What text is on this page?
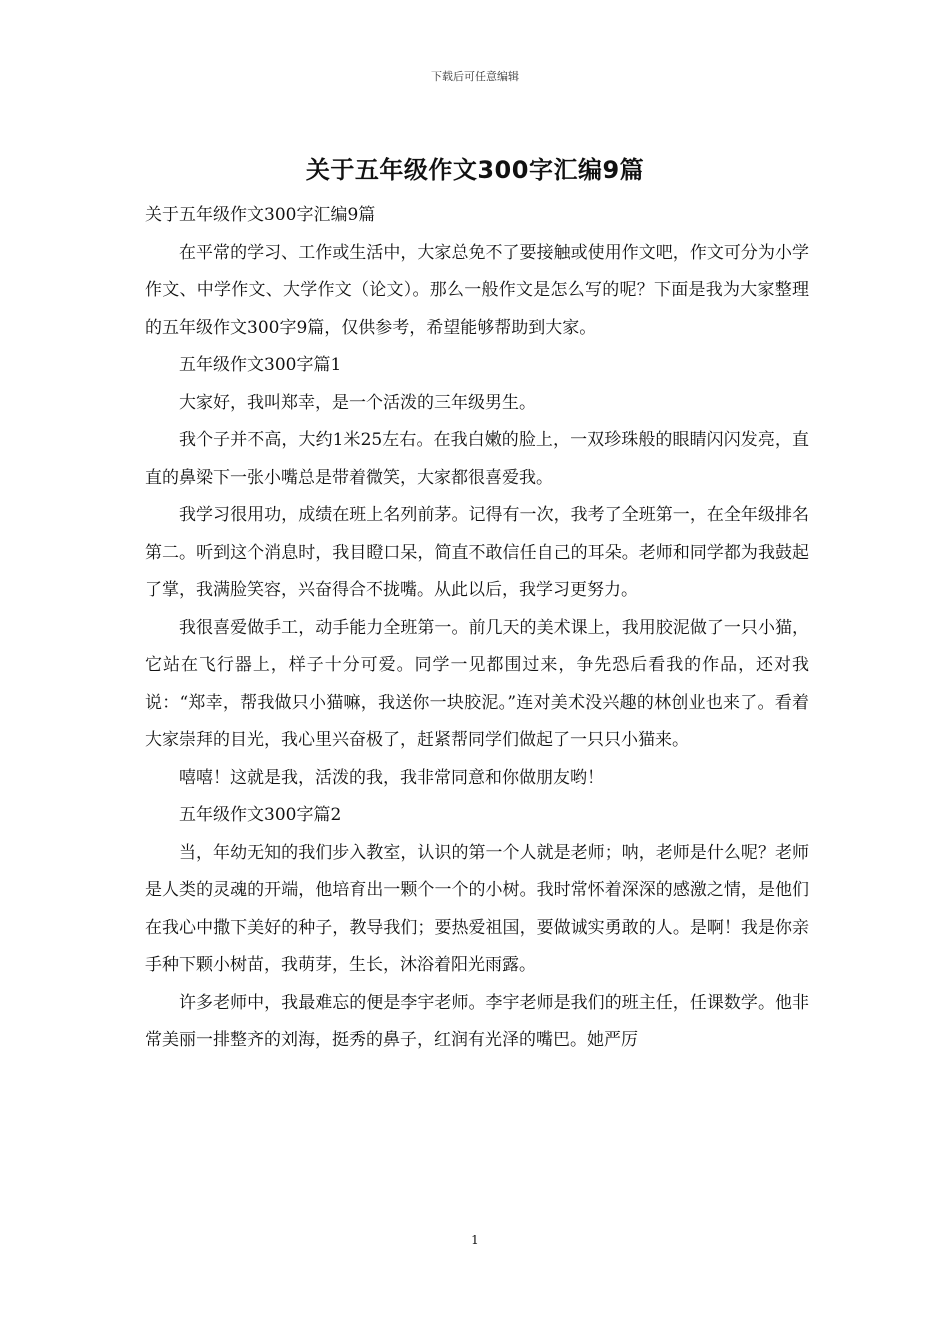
下载后可任意编辑
关于五年级作文300字汇编9篇

关于五年级作文300字汇编9篇

在平常的学习、工作或生活中，大家总免不了要接触或使用作文吧，作文可分为小学作文、中学作文、大学作文（论文）。那么一般作文是怎么写的呢？下面是我为大家整理的五年级作文300字9篇，仅供参考，希望能够帮助到大家。

五年级作文300字篇1

大家好，我叫郑幸，是一个活泼的三年级男生。

我个子并不高，大约1米25左右。在我白嫩的脸上，一双珍珠般的眼睛闪闪发亮，直直的鼻梁下一张小嘴总是带着微笑，大家都很喜爱我。

我学习很用功，成绩在班上名列前茅。记得有一次，我考了全班第一，在全年级排名第二。听到这个消息时，我目瞪口呆，简直不敢信任自己的耳朵。老师和同学都为我鼓起了掌，我满脸笑容，兴奋得合不拢嘴。从此以后，我学习更努力。

我很喜爱做手工，动手能力全班第一。前几天的美术课上，我用胶泥做了一只小猫，它站在飞行器上，样子十分可爱。同学一见都围过来，争先恐后看我的作品，还对我说：“郑幸，帮我做只小猫嘛，我送你一块胶泥。”连对美术没兴趣的林创业也来了。看着大家崇拜的目光，我心里兴奋极了，赶紧帮同学们做起了一只只小猫来。

嘻嘻！这就是我，活泼的我，我非常同意和你做朋友哟！

五年级作文300字篇2

当，年幼无知的我们步入教室，认识的第一个人就是老师；呐，老师是什么呢？老师是人类的灵魂的开端，他培育出一颗个一个的小树。我时常怀着深深的感激之情，是他们在我心中撒下美好的种子，教导我们；要热爱祖国，要做诚实勇敢的人。是啊！我是你亲手种下颗小树苗，我萌芽，生长，沐浴着阳光雨露。

许多老师中，我最难忘的便是李宇老师。李宇老师是我们的班主任，任课数学。他非常美丽一排整齐的刘海，挺秀的鼻子，红润有光泽的嘴巴。她严厉

1
